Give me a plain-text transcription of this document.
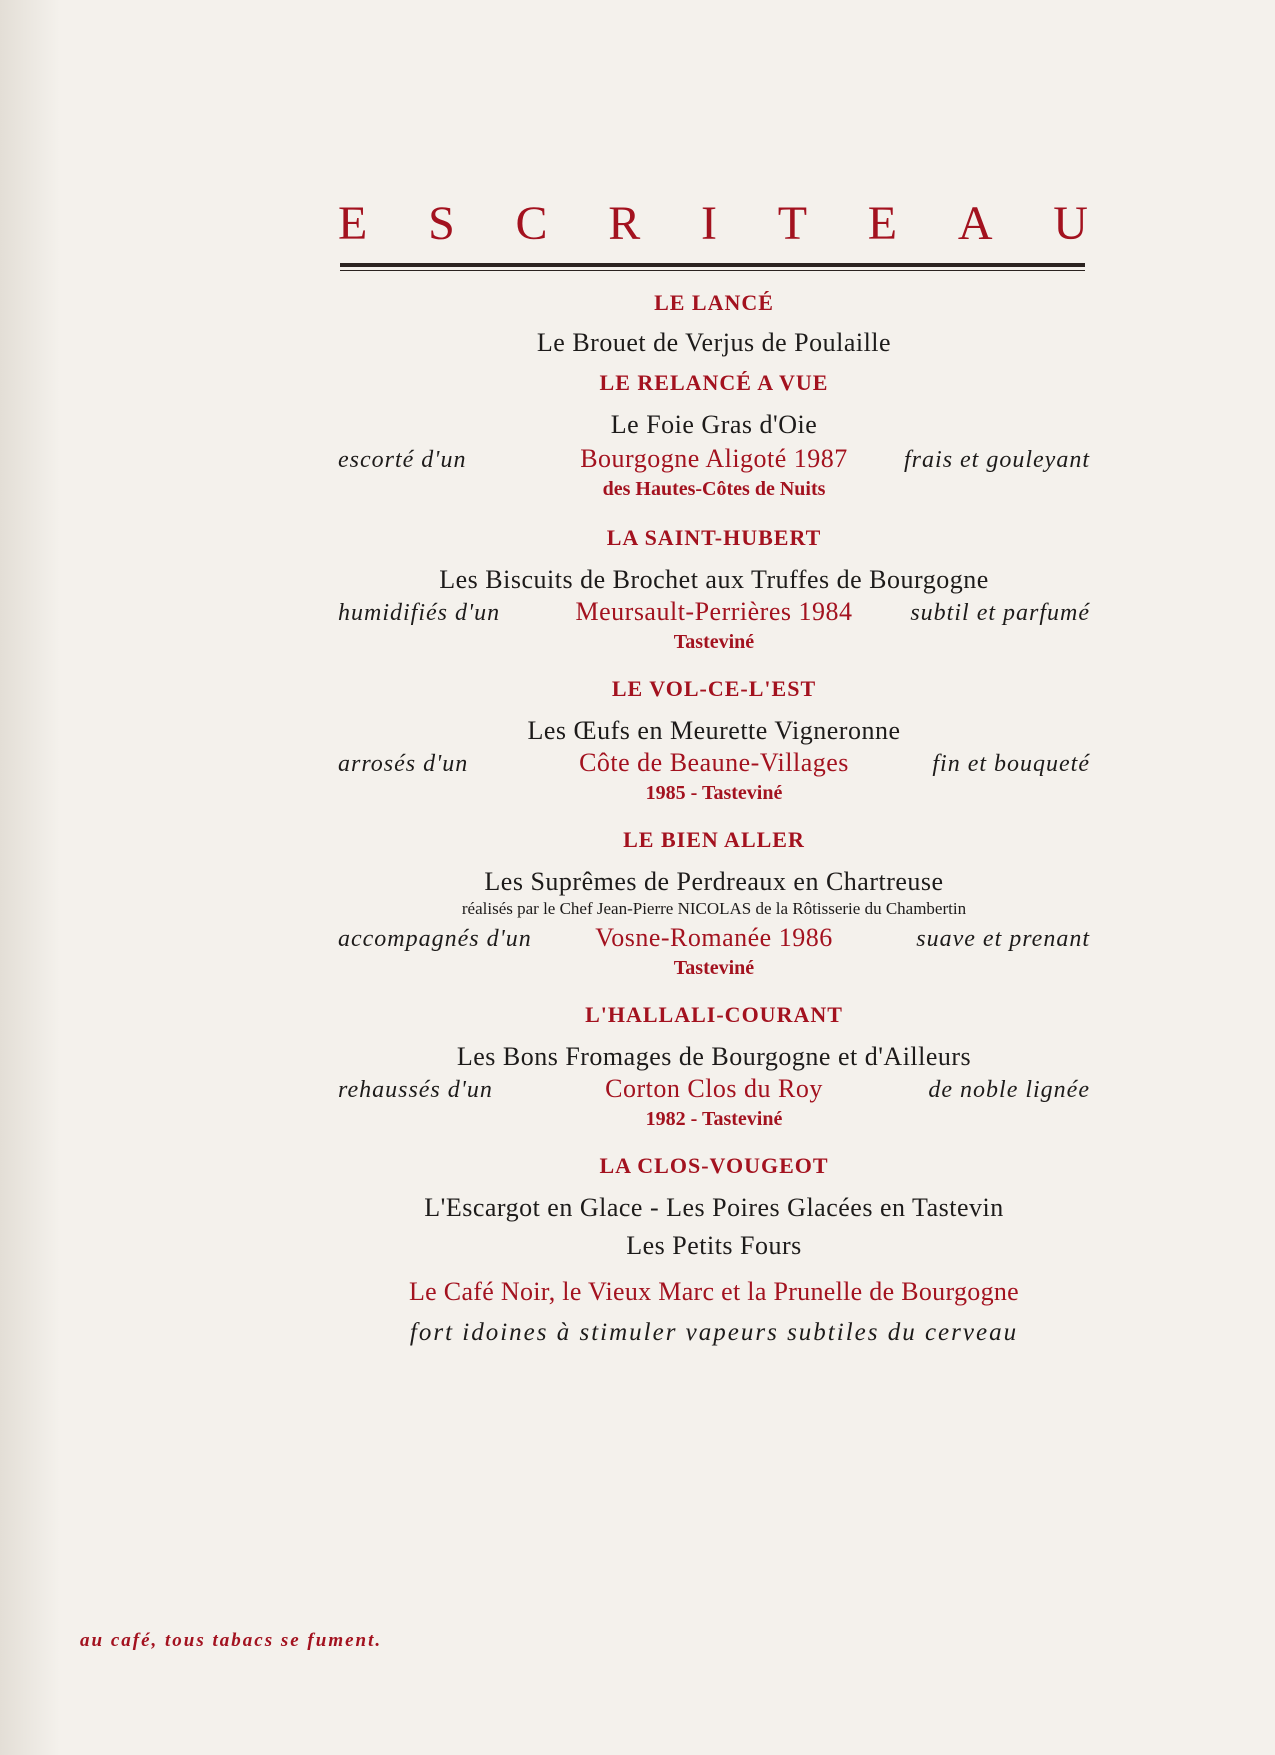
E S C R I T E A U
LE LANCÉ
Le Brouet de Verjus de Poulaille
LE RELANCÉ A VUE
Le Foie Gras d'Oie
escorté d'un	Bourgogne Aligoté 1987	frais et gouleyant
des Hautes-Côtes de Nuits
LA SAINT-HUBERT
Les Biscuits de Brochet aux Truffes de Bourgogne
humidifiés d'un	Meursault-Perrières 1984	subtil et parfumé
Tasteviné
LE VOL-CE-L'EST
Les Œufs en Meurette Vigneronne
arrosés d'un	Côte de Beaune-Villages	fin et bouqueté
1985 - Tasteviné
LE BIEN ALLER
Les Suprêmes de Perdreaux en Chartreuse
réalisés par le Chef Jean-Pierre NICOLAS de la Rôtisserie du Chambertin
accompagnés d'un	Vosne-Romanée 1986	suave et prenant
Tasteviné
L'HALLALI-COURANT
Les Bons Fromages de Bourgogne et d'Ailleurs
rehaussés d'un	Corton Clos du Roy	de noble lignée
1982 - Tasteviné
LA CLOS-VOUGEOT
L'Escargot en Glace - Les Poires Glacées en Tastevin
Les Petits Fours
Le Café Noir, le Vieux Marc et la Prunelle de Bourgogne
fort idoines à stimuler vapeurs subtiles du cerveau
au café, tous tabacs se fument.
